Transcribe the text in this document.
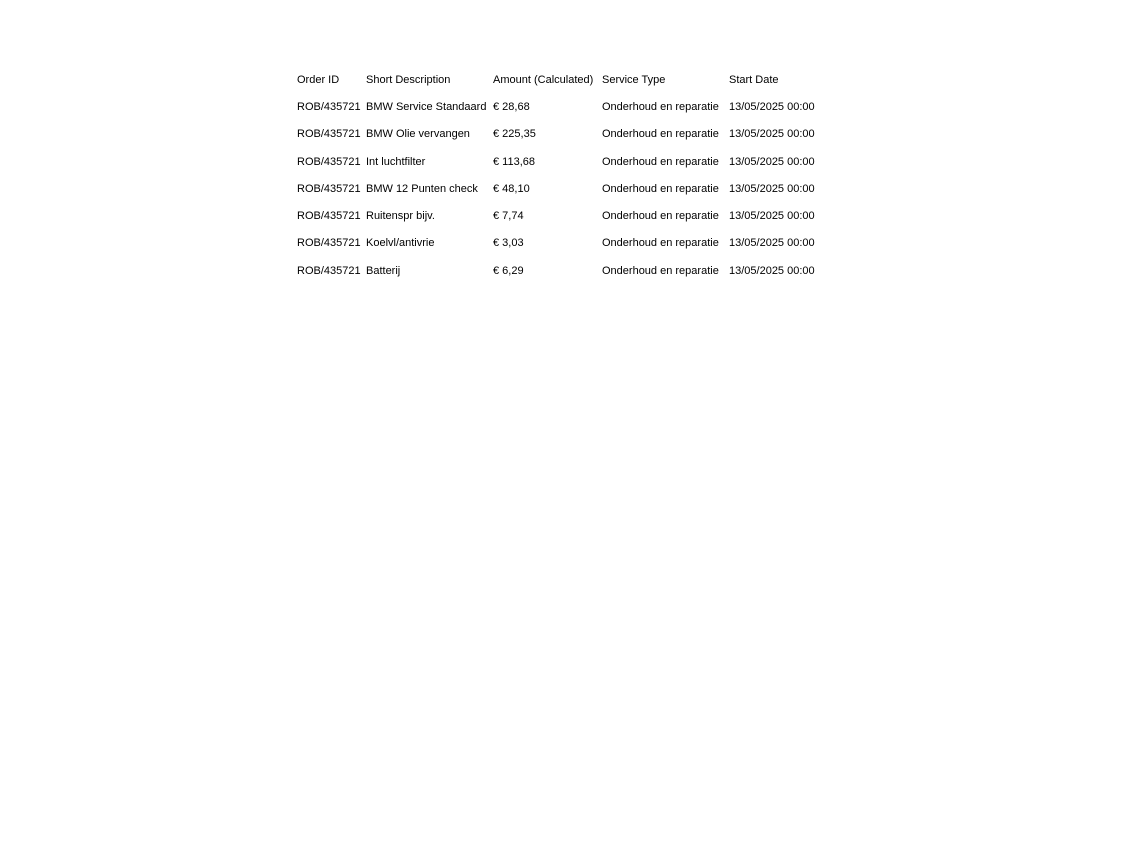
Order ID	Short Description	Amount (Calculated)	Service Type	Start Date
ROB/435721	BMW Service Standaard	€ 28,68	Onderhoud en reparatie	13/05/2025 00:00
ROB/435721	BMW Olie vervangen	€ 225,35	Onderhoud en reparatie	13/05/2025 00:00
ROB/435721	Int luchtfilter	€ 113,68	Onderhoud en reparatie	13/05/2025 00:00
ROB/435721	BMW 12 Punten check	€ 48,10	Onderhoud en reparatie	13/05/2025 00:00
ROB/435721	Ruitenspr bijv.	€ 7,74	Onderhoud en reparatie	13/05/2025 00:00
ROB/435721	Koelvl/antivrie	€ 3,03	Onderhoud en reparatie	13/05/2025 00:00
ROB/435721	Batterij	€ 6,29	Onderhoud en reparatie	13/05/2025 00:00
